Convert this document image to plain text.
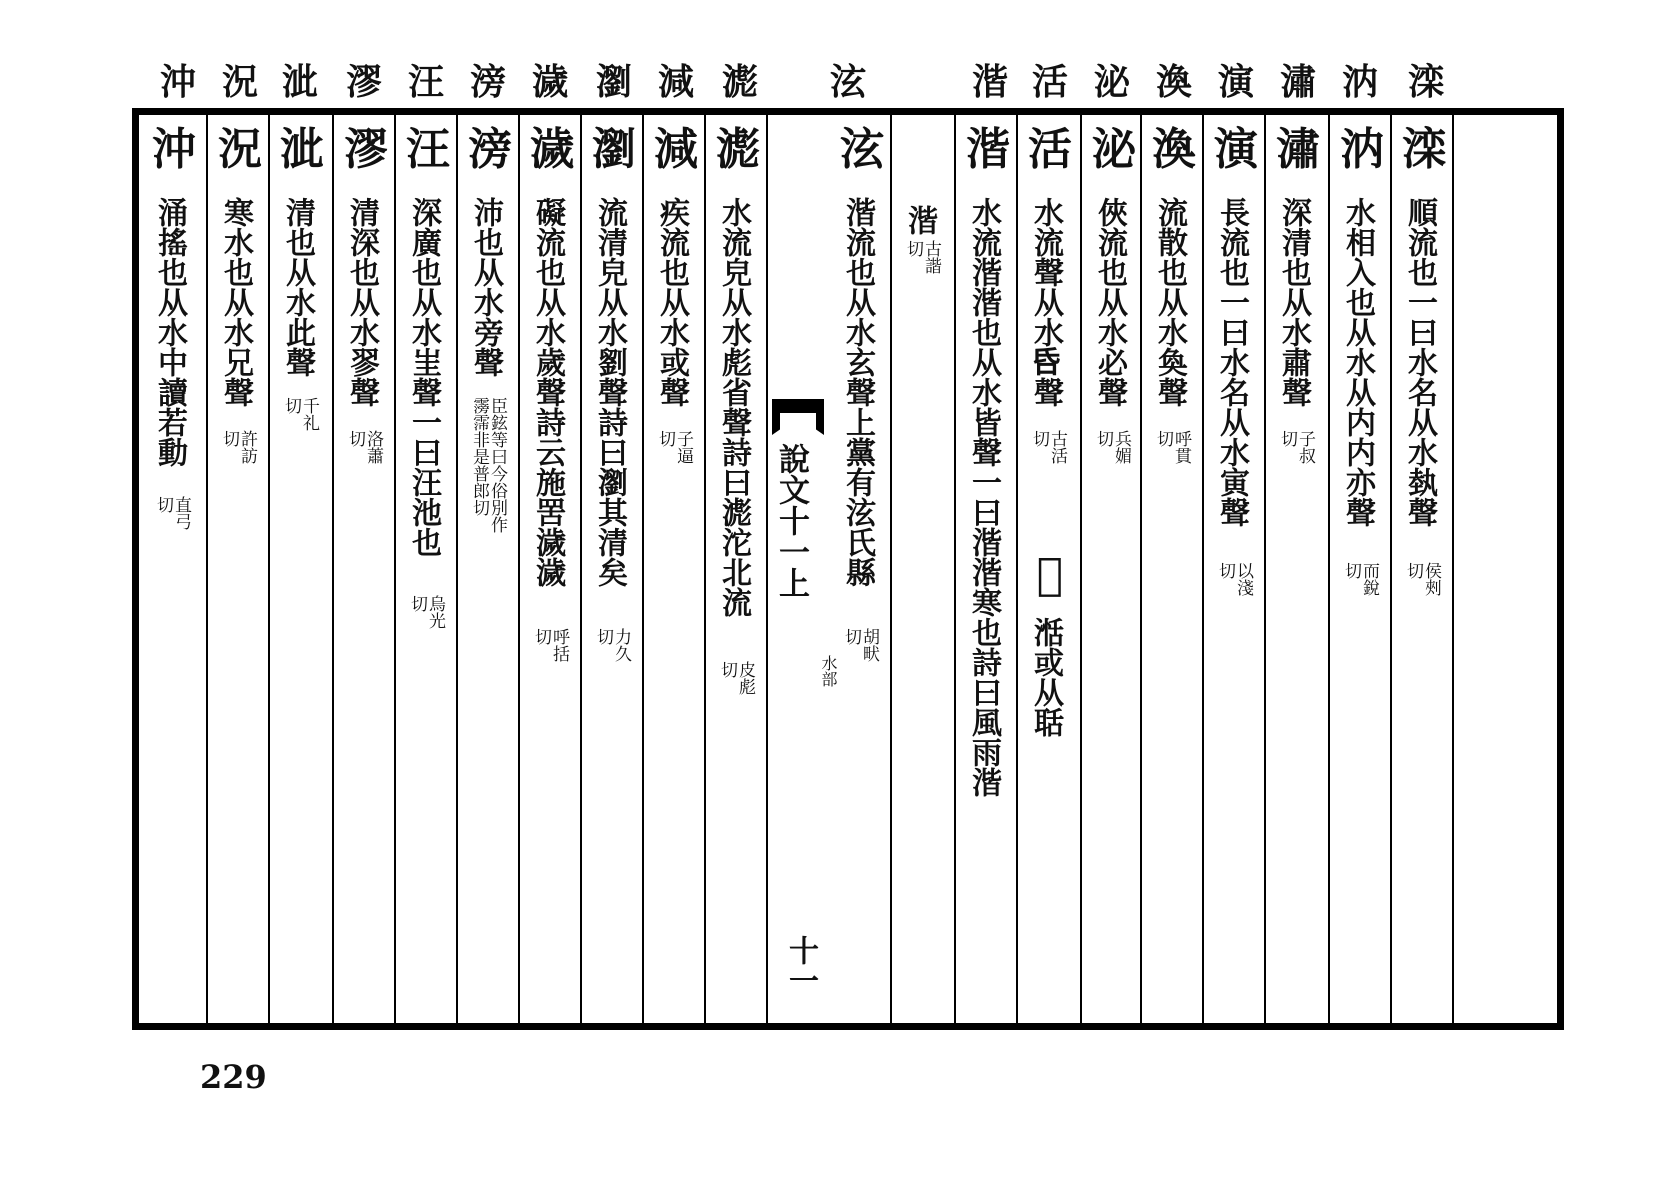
沖 況 泚 漻 汪 滂 濊 瀏 減 滮 泫	湝 活 泌 渙 演 潚 汭 滦
滦
順流也一曰水名从水埶聲
侯㓨切
汭
水相入也从水从内内亦聲
而銳切
潚
深清也从水肅聲
子叔切
演
長流也一曰水名从水寅聲
以淺切
渙
流散也从水奐聲
呼貫切
泌
俠流也从水必聲
兵媚切
活
水流聲从水𠯑聲
古活切
𣸽
湉或从聒
湝
水流湝湝也从水皆聲一曰湝湝寒也詩曰風雨湝
湝
古諧切
泫
湝流也从水玄聲上黨有泫氏縣
胡畎切
滮
水流皃从水彪省聲詩曰滮沱北流
皮彪切
減
疾流也从水或聲
子逼切
瀏
流清皃从水劉聲詩曰瀏其清矣
力久切
濊
礙流也从水歲聲詩云施罟濊濊
呼括切
滂
沛也从水旁聲
臣鉉等曰今俗別作霶霈非是普郎切
汪
深廣也从水㞷聲一曰汪池也
烏光切
漻
清深也从水翏聲
洛蕭切
泚
清也从水此聲
千礼切
況
寒水也从水兄聲
許訪切
沖
涌搖也从水中讀若動
直弓切	說文十一上
水部
十一
229
